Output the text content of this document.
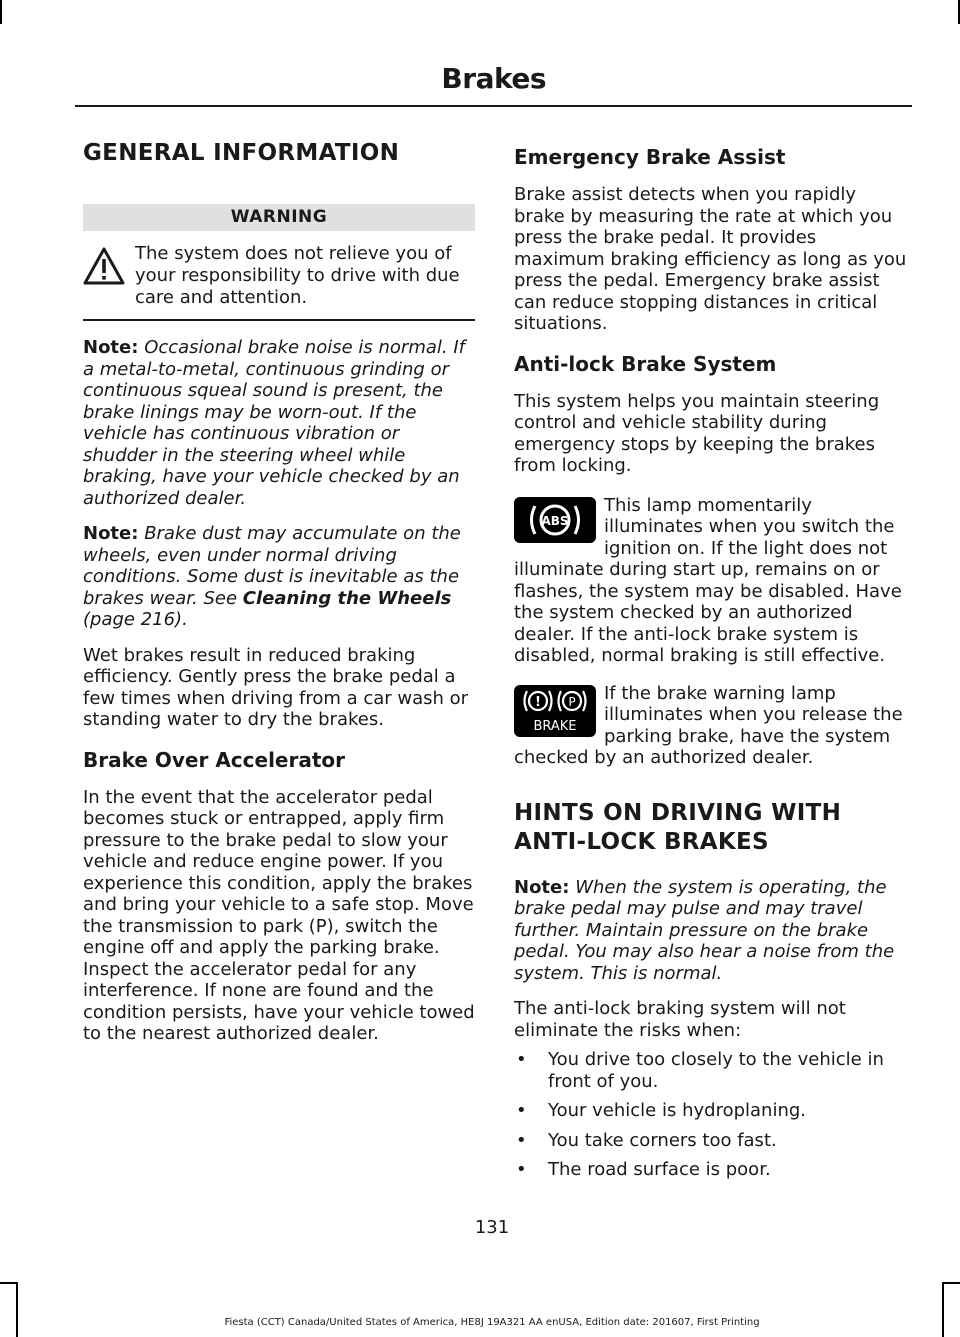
Brakes
GENERAL INFORMATION
WARNING
The system does not relieve you of your responsibility to drive with due care and attention.

Note: Occasional brake noise is normal. If a metal-to-metal, continuous grinding or continuous squeal sound is present, the brake linings may be worn-out. If the vehicle has continuous vibration or shudder in the steering wheel while braking, have your vehicle checked by an authorized dealer.

Note: Brake dust may accumulate on the wheels, even under normal driving conditions. Some dust is inevitable as the brakes wear. See Cleaning the Wheels (page 216).

Wet brakes result in reduced braking efficiency. Gently press the brake pedal a few times when driving from a car wash or standing water to dry the brakes.

Brake Over Accelerator

In the event that the accelerator pedal becomes stuck or entrapped, apply firm pressure to the brake pedal to slow your vehicle and reduce engine power. If you experience this condition, apply the brakes and bring your vehicle to a safe stop. Move the transmission to park (P), switch the engine off and apply the parking brake. Inspect the accelerator pedal for any interference. If none are found and the condition persists, have your vehicle towed to the nearest authorized dealer.

Emergency Brake Assist

Brake assist detects when you rapidly brake by measuring the rate at which you press the brake pedal. It provides maximum braking efficiency as long as you press the pedal. Emergency brake assist can reduce stopping distances in critical situations.

Anti-lock Brake System

This system helps you maintain steering control and vehicle stability during emergency stops by keeping the brakes from locking.

ABS

This lamp momentarily illuminates when you switch the ignition on. If the light does not illuminate during start up, remains on or flashes, the system may be disabled. Have the system checked by an authorized dealer. If the anti-lock brake system is disabled, normal braking is still effective.

! P
BRAKE

If the brake warning lamp illuminates when you release the parking brake, have the system checked by an authorized dealer.

HINTS ON DRIVING WITH
ANTI-LOCK BRAKES

Note: When the system is operating, the brake pedal may pulse and may travel further. Maintain pressure on the brake pedal. You may also hear a noise from the system. This is normal.

The anti-lock braking system will not eliminate the risks when:

•	You drive too closely to the vehicle in front of you.
•	Your vehicle is hydroplaning.
•	You take corners too fast.
•	The road surface is poor.
131
Fiesta (CCT) Canada/United States of America, HE8J 19A321 AA enUSA, Edition date: 201607, First Printing
